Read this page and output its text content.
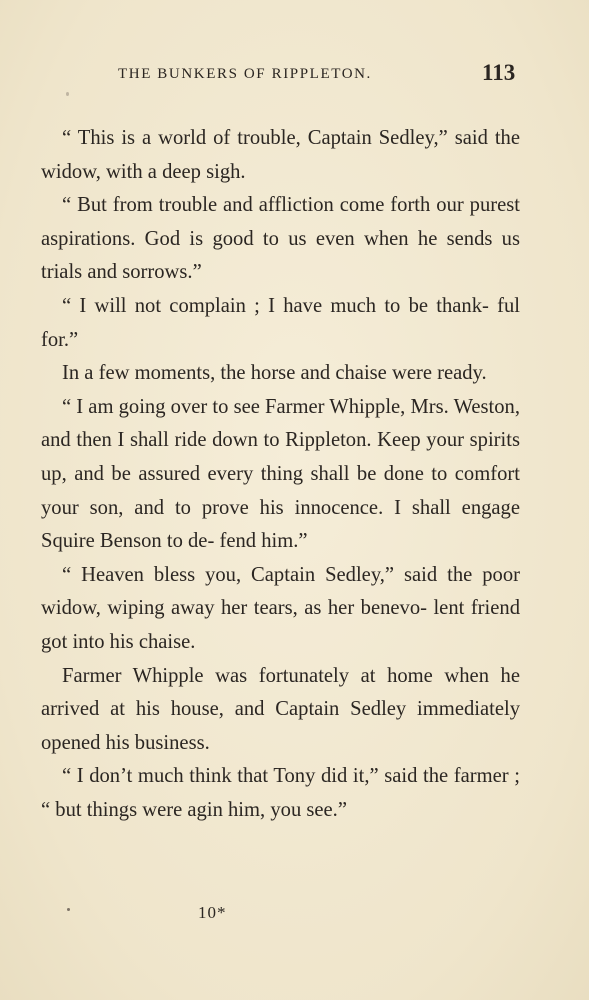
THE BUNKERS OF RIPPLETON.	113

“ This is a world of trouble, Captain Sedley,” said the widow, with a deep sigh.

“ But from trouble and affliction come forth our purest aspirations. God is good to us even when he sends us trials and sorrows.”

“ I will not complain ; I have much to be thank- ful for.”

In a few moments, the horse and chaise were ready.

“ I am going over to see Farmer Whipple, Mrs. Weston, and then I shall ride down to Rippleton. Keep your spirits up, and be assured every thing shall be done to comfort your son, and to prove his innocence. I shall engage Squire Benson to de- fend him.”

“ Heaven bless you, Captain Sedley,” said the poor widow, wiping away her tears, as her benevo- lent friend got into his chaise.

Farmer Whipple was fortunately at home when he arrived at his house, and Captain Sedley immediately opened his business.

“ I don’t much think that Tony did it,” said the farmer ; “ but things were agin him, you see.”

10*
